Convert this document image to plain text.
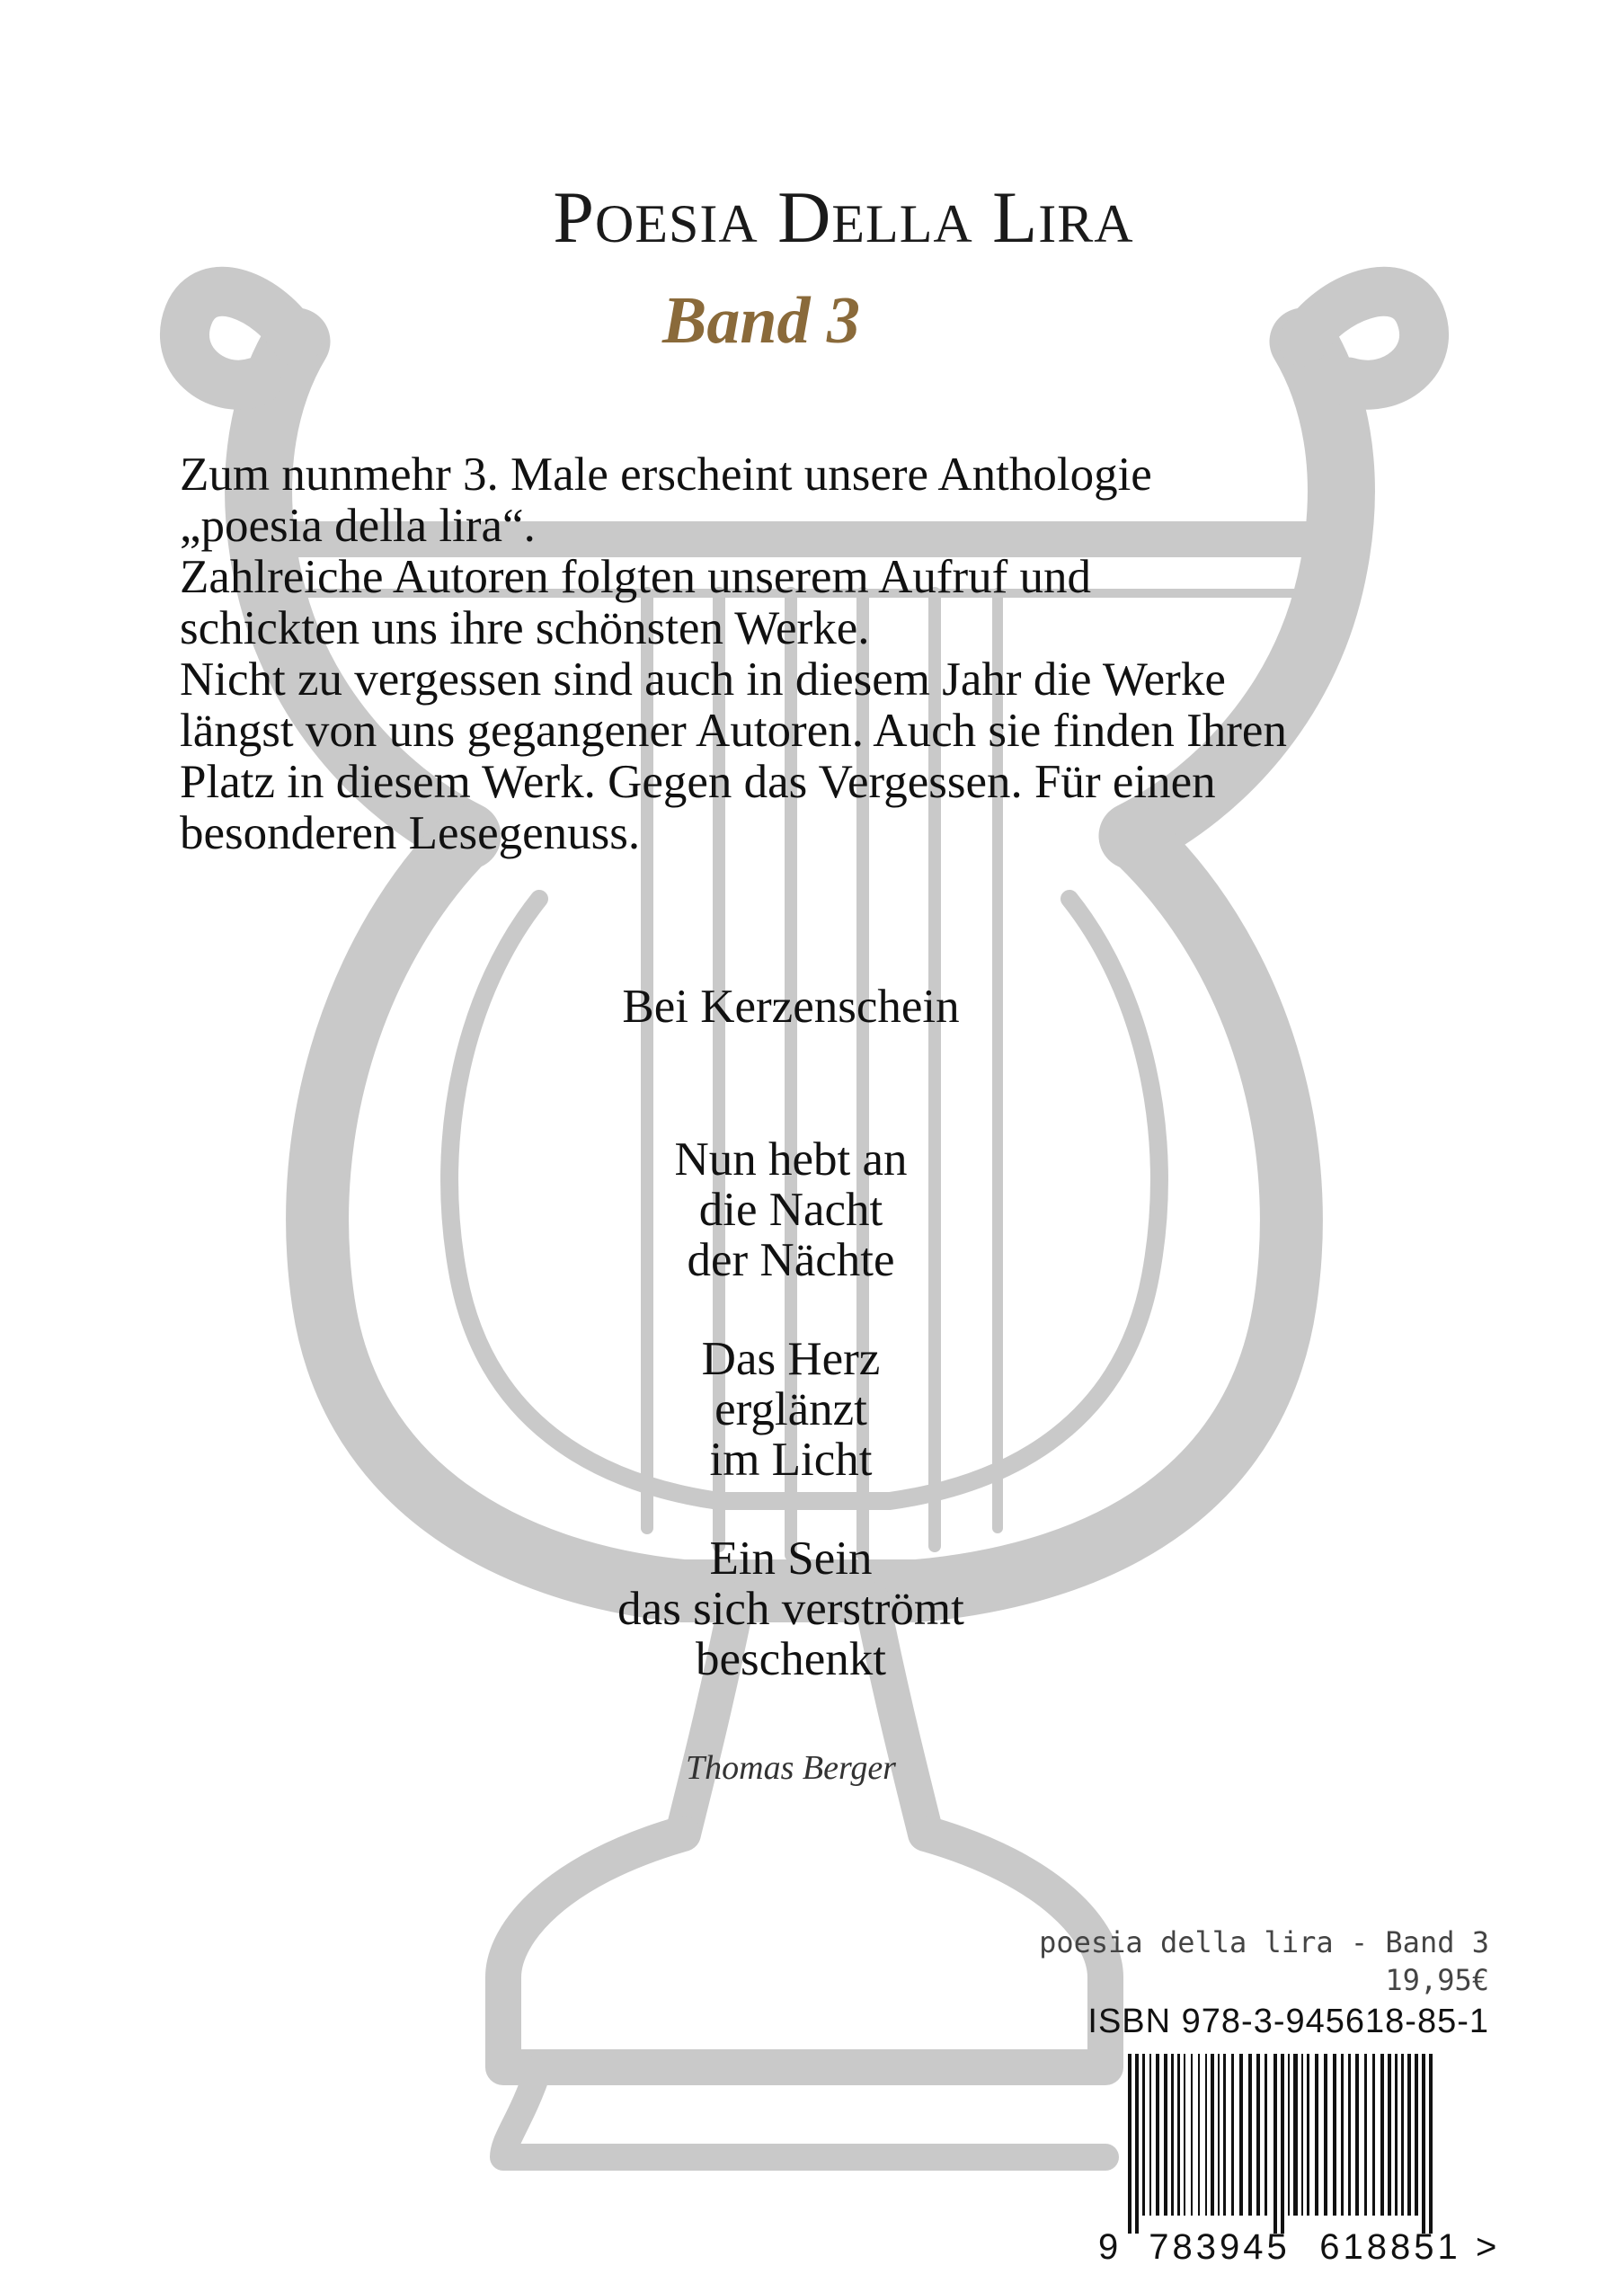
POESIA DELLA LIRA
Band 3

Zum nunmehr 3. Male erscheint unsere Anthologie

„poesia della lira“.

Zahlreiche Autoren folgten unserem Aufruf und

schickten uns ihre schönsten Werke.

Nicht zu vergessen sind auch in diesem Jahr die Werke

längst von uns gegangener Autoren. Auch sie finden Ihren

Platz in diesem Werk. Gegen das Vergessen. Für einen

besonderen Lesegenuss.

Bei Kerzenschein
Nun hebt an
die Nacht
der Nächte
Das Herz
erglänzt
im Licht
Ein Sein
das sich verströmt
beschenkt
Thomas Berger
poesia della lira - Band 3
19,95€
ISBN 978-3-945618-85-1
9 783945 618851 >
